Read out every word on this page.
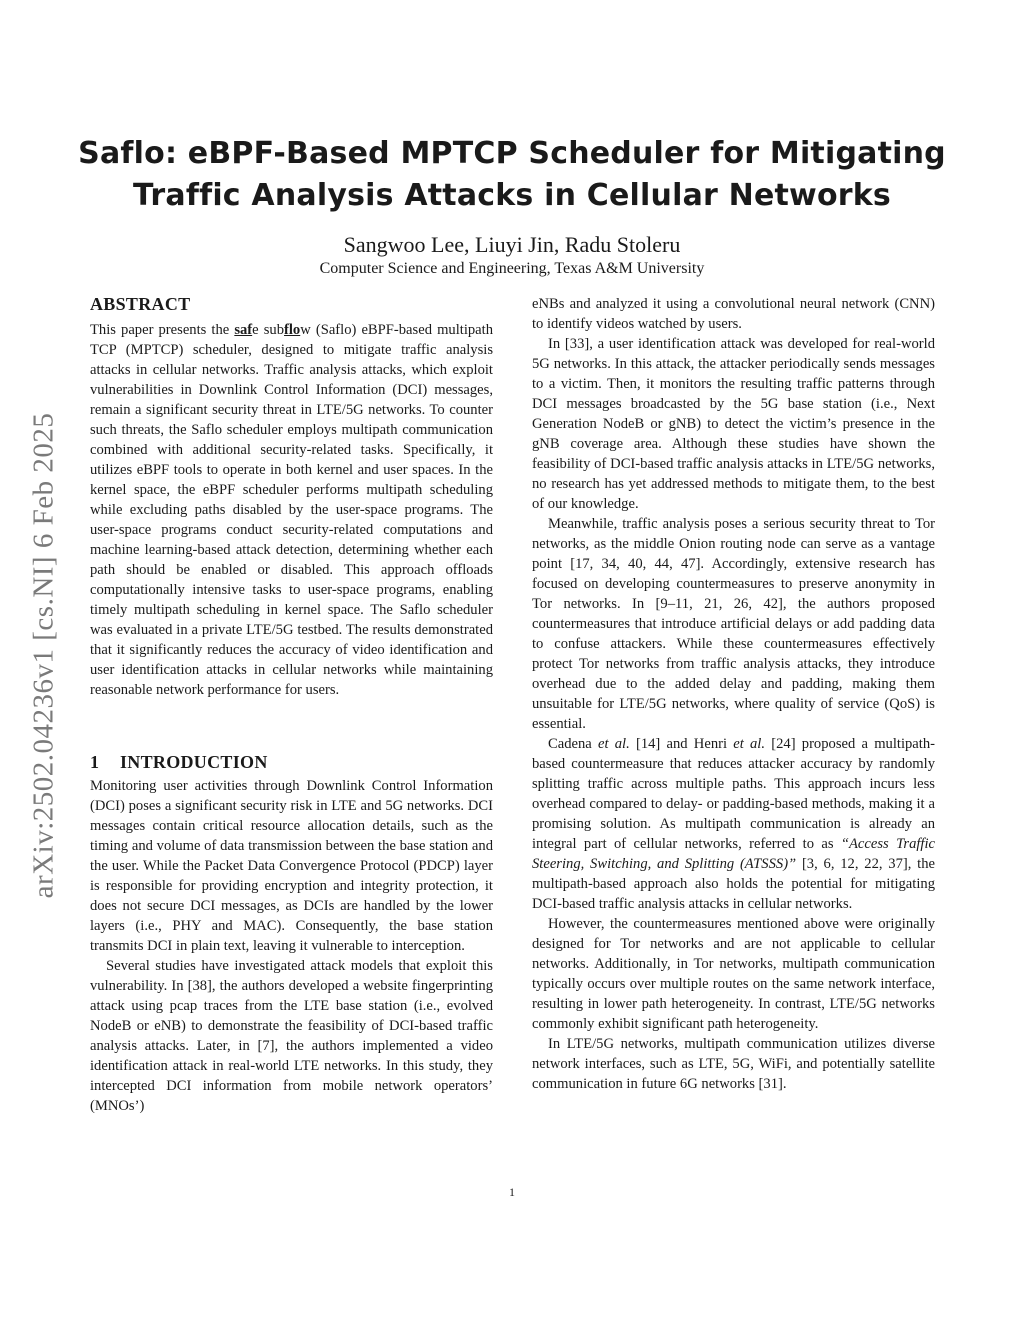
Saflo: eBPF-Based MPTCP Scheduler for Mitigating
Traffic Analysis Attacks in Cellular Networks
Sangwoo Lee, Liuyi Jin, Radu Stoleru
Computer Science and Engineering, Texas A&M University
arXiv:2502.04236v1 [cs.NI] 6 Feb 2025
ABSTRACT

This paper presents the safe subflow (Saflo) eBPF-based multipath TCP (MPTCP) scheduler, designed to mitigate traffic analysis attacks in cellular networks. Traffic analysis attacks, which exploit vulnerabilities in Downlink Control Information (DCI) messages, remain a significant security threat in LTE/5G networks. To counter such threats, the Saflo scheduler employs multipath communication combined with additional security-related tasks. Specifically, it utilizes eBPF tools to operate in both kernel and user spaces. In the kernel space, the eBPF scheduler performs multipath scheduling while excluding paths disabled by the user-space programs. The user-space programs conduct security-related computations and machine learning-based attack detection, determining whether each path should be enabled or disabled. This approach offloads computationally intensive tasks to user-space programs, enabling timely multipath scheduling in kernel space. The Saflo scheduler was evaluated in a private LTE/5G testbed. The results demonstrated that it significantly reduces the accuracy of video identification and user identification attacks in cellular networks while maintaining reasonable network performance for users.

1 INTRODUCTION

Monitoring user activities through Downlink Control Information (DCI) poses a significant security risk in LTE and 5G networks. DCI messages contain critical resource allocation details, such as the timing and volume of data transmission between the base station and the user. While the Packet Data Convergence Protocol (PDCP) layer is responsible for providing encryption and integrity protection, it does not secure DCI messages, as DCIs are handled by the lower layers (i.e., PHY and MAC). Consequently, the base station transmits DCI in plain text, leaving it vulnerable to interception.

Several studies have investigated attack models that exploit this vulnerability. In [38], the authors developed a website fingerprinting attack using pcap traces from the LTE base station (i.e., evolved NodeB or eNB) to demonstrate the feasibility of DCI-based traffic analysis attacks. Later, in [7], the authors implemented a video identification attack in real-world LTE networks. In this study, they intercepted DCI information from mobile network operators’ (MNOs’)

eNBs and analyzed it using a convolutional neural network (CNN) to identify videos watched by users.

In [33], a user identification attack was developed for real-world 5G networks. In this attack, the attacker periodically sends messages to a victim. Then, it monitors the resulting traffic patterns through DCI messages broadcasted by the 5G base station (i.e., Next Generation NodeB or gNB) to detect the victim’s presence in the gNB coverage area. Although these studies have shown the feasibility of DCI-based traffic analysis attacks in LTE/5G networks, no research has yet addressed methods to mitigate them, to the best of our knowledge.

Meanwhile, traffic analysis poses a serious security threat to Tor networks, as the middle Onion routing node can serve as a vantage point [17, 34, 40, 44, 47]. Accordingly, extensive research has focused on developing countermeasures to preserve anonymity in Tor networks. In [9–11, 21, 26, 42], the authors proposed countermeasures that introduce artificial delays or add padding data to confuse attackers. While these countermeasures effectively protect Tor networks from traffic analysis attacks, they introduce overhead due to the added delay and padding, making them unsuitable for LTE/5G networks, where quality of service (QoS) is essential.

Cadena et al. [14] and Henri et al. [24] proposed a multipath-based countermeasure that reduces attacker accuracy by randomly splitting traffic across multiple paths. This approach incurs less overhead compared to delay- or padding-based methods, making it a promising solution. As multipath communication is already an integral part of cellular networks, referred to as “Access Traffic Steering, Switching, and Splitting (ATSSS)” [3, 6, 12, 22, 37], the multipath-based approach also holds the potential for mitigating DCI-based traffic analysis attacks in cellular networks.

However, the countermeasures mentioned above were originally designed for Tor networks and are not applicable to cellular networks. Additionally, in Tor networks, multipath communication typically occurs over multiple routes on the same network interface, resulting in lower path heterogeneity. In contrast, LTE/5G networks commonly exhibit significant path heterogeneity.

In LTE/5G networks, multipath communication utilizes diverse network interfaces, such as LTE, 5G, WiFi, and potentially satellite communication in future 6G networks [31].

1
